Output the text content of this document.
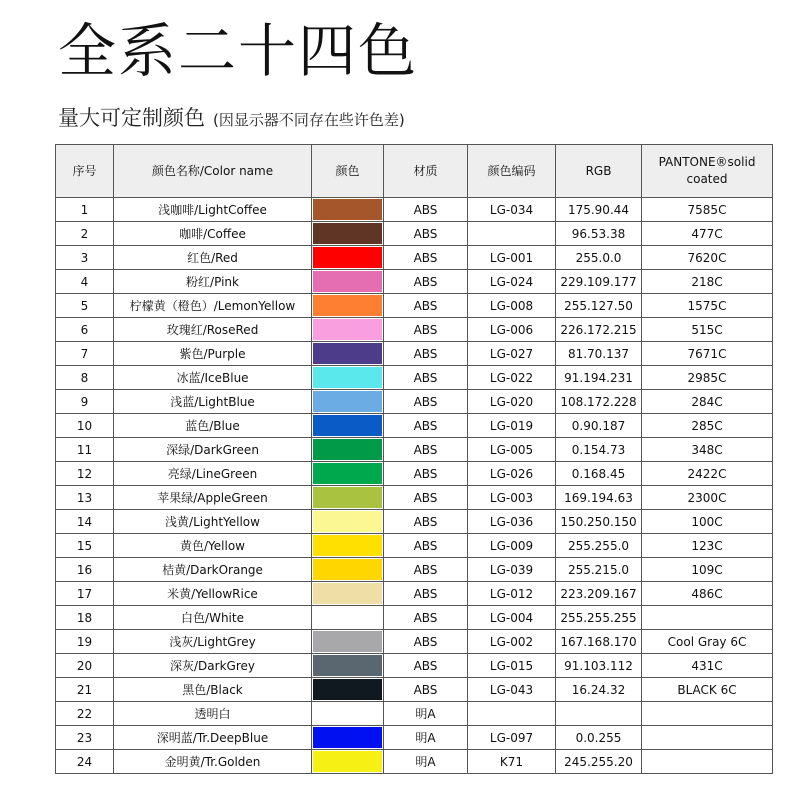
全系二十四色
量大可定制颜色 (因显示器不同存在些许色差)
序号	颜色名称/Color name	颜色	材质	颜色编码	RGB	PANTONE®solid coated
1	浅咖啡/LightCoffee		ABS	LG-034	175.90.44	7585C
2	咖啡/Coffee		ABS		96.53.38	477C
3	红色/Red		ABS	LG-001	255.0.0	7620C
4	粉红/Pink		ABS	LG-024	229.109.177	218C
5	柠檬黄（橙色）/LemonYellow		ABS	LG-008	255.127.50	1575C
6	玫瑰红/RoseRed		ABS	LG-006	226.172.215	515C
7	紫色/Purple		ABS	LG-027	81.70.137	7671C
8	冰蓝/IceBlue		ABS	LG-022	91.194.231	2985C
9	浅蓝/LightBlue		ABS	LG-020	108.172.228	284C
10	蓝色/Blue		ABS	LG-019	0.90.187	285C
11	深绿/DarkGreen		ABS	LG-005	0.154.73	348C
12	亮绿/LineGreen		ABS	LG-026	0.168.45	2422C
13	苹果绿/AppleGreen		ABS	LG-003	169.194.63	2300C
14	浅黄/LightYellow		ABS	LG-036	150.250.150	100C
15	黄色/Yellow		ABS	LG-009	255.255.0	123C
16	桔黄/DarkOrange		ABS	LG-039	255.215.0	109C
17	米黄/YellowRice		ABS	LG-012	223.209.167	486C
18	白色/White		ABS	LG-004	255.255.255	
19	浅灰/LightGrey		ABS	LG-002	167.168.170	Cool Gray 6C
20	深灰/DarkGrey		ABS	LG-015	91.103.112	431C
21	黑色/Black		ABS	LG-043	16.24.32	BLACK 6C
22	透明白		明A			
23	深明蓝/Tr.DeepBlue		明A	LG-097	0.0.255	
24	金明黄/Tr.Golden		明A	K71	245.255.20	
